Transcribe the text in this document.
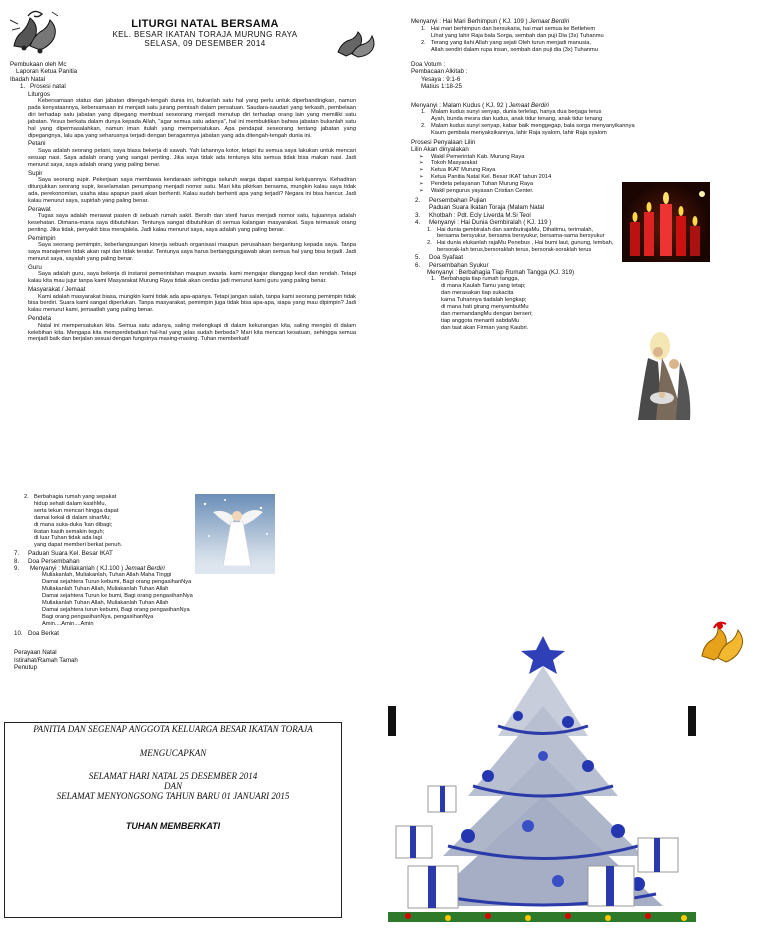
LITURGI NATAL BERSAMA
KEL. BESAR IKATAN TORAJA MURUNG RAYA
SELASA, 09 DESEMBER 2014
Pembukaan oleh Mc
Laporan Ketua Panitia
Ibadah Natal
1. Prosesi natal
Liturgos
Kebersamaan status dan jabatan ditengah-tengah dunia ini, bukanlah satu hal yang perlu untuk diperbandingkan, namun pada kenyataannya, kebersamaan ini menjadi satu jurang pemisah dalam persatuan. Saudara-saudari yang terkasih, pembelaan diri terhadap satu jabatan yang dipegang membuat seseorang menjadi menutup diri terhadap orang lain yang memiliki satu jabatan. Yesus berkata dalam dunya kepada Allah, "agar semua satu adanya", hal ini membuktikan bahwa jabatan bukanlah satu hal yang dipermasalahkan, namun iman itulah yang mempersatukan. Apa pendapat seseorang tentang jabatan yang dipegangnya, lalu apa yang seharusnya terjadi dengan beragamnya jabatan yang ada ditengah-tengah dunia ini.
Petani
Saya adalah seorang petani, saya biasa bekerja di sawah. Yah lahannya kotor, tetapi itu semua saya lakukan untuk mencari sesuap nasi. Saya adalah orang yang sangat penting. Jika saya tidak ada tentunya kita semua tidak bisa makan nasi. Jadi menurut saya, saya adalah orang yang paling benar.
Supir
Saya seorang supir. Pekerjaan saya membawa kendaraan sehingga seluruh warga dapat sampai ketujuannya. Kehadiran ditunjukkan seorang supir, keselamatan penumpang menjadi nomor satu. Mari kita pikirkan bersama, mungkin kalau saya tidak ada, perekonomian, usaha atau apapun pasti akan berhenti. Kalau sudah berhenti apa yang terjadi? Negara ini bisa hancur. Jadi kalau menurut saya, supirlah yang paling benar.
Perawat
Tugas saya adalah merawat pasien di sebuah rumah sakit. Bersih dan steril harus menjadi nomor satu, tujuannya adalah kesehatan. Dimana-mana saya dibutuhkan. Tentunya sangat dibutuhkan di semua kalangan masyarakat. Saya termasuk orang penting. Jika tidak, penyakit bisa merajalela. Jadi kalau menurut saya, saya adalah yang paling benar.
Pemimpin
Saya seorang pemimpin, keberlangsungan kinerja sebuah organisasi maupun perusahaan bergantung kepada saya. Tanpa saya manajemen tidak akan rapi dan tidak teratur. Tentunya saya harus bertanggungjawab akan semua hal yang bisa terjadi. Jadi menurut saya, sayalah yang paling benar.
Guru
Saya adalah guru, saya bekerja di instansi pemerintahan maupun swasta. kami mengajar dianggap kecil dan rendah. Tetapi kalau kita mau jujur tanpa kami Masyarakat Murung Raya tidak akan cerdas jadi menurut kami guru yang paling benar.
Masyarakat / Jemaat
Kami adalah masyarakat biasa, mungkin kami tidak ada apa-apanya. Tetapi jangan salah, tanpa kami seorang pemimpin tidak bisa berdiri. Suara kami sangat diperlukan. Tanpa masyarakat, pemimpin juga tidak bisa apa-apa, siapa yang mau dipimpin? Jadi kalau menurut kami, jemaatlah yang paling benar.
Pendeta
Natal ini mempersatukan kita. Semua satu adanya, saling melengkapi di dalam kekurangan kita, saling mengisi di dalam kelebihan kita. Mengapa kita memperdebatkan hal-hal yang jelas sudah berbeda? Mari kita mencari kesatuan, sehingga semua menjadi baik dan berjalan sesuai dengan fungsinya masing-masing. Tuhan memberkati!
Menyanyi : Hai Mari Berhimpun ( KJ. 109 ) Jemaat Berdiri
1. Hai mari berhimpun dan bersukaria, hai mari semua ke Betlehem
Lihat yang lahir Raja bala Sorga, sembah dan puji Dia (3x) Tuhanmu
2. Terang yang ilahi Allah yang sejati Oleh turun menjadi manusia,
Allah sendiri dalam rupa insan, sembah dan puji dia (3x) Tuhanmu
Doa Votum :
Pembacaan Alkitab :
Yesaya : 9:1-6
Matius 1:18-25
Menyanyi : Malam Kudus ( KJ. 92 ) Jemaat Berdiri
1. Malam kudus sunyi senyap, dunia terlelap, hanya dua berjaga terus
Ayah, bunda mesra dan kudus, anak tidur tenang, anak tidur tenang
2. Malam kudus sunyi senyap, kabar baik menggegap, bala sorga menyanyikannya
Kaum gembala menyaksikannya, lahir Raja syalom, lahir Raja syalom
Prosesi Penyalaan Lilin
Lilin Akan dinyalakan
➢	Wakil Pemerintah Kab. Murung Raya
➢	Tokoh Masyarakat
➢	Ketua IKAT Murung Raya
➢	Ketua Panitia Natal Kel. Besar IKAT tahun 2014
➢	Pendeta pelayanan Tuhan Murung Raya
➢	Wakil pengurus yayasan Cristian Center.
2.	Persembahan Pujian
Paduan Suara Ikatan Toraja (Malam Natal
3.	Khotbah : Pdt. Ecly Liverda M.Si Teol
4.	Menyanyi : Hai Dunia Gembiralah ( KJ. 119 )
1. Hai dunia gembiralah dan sambutrajaMu, Dihatimu, terimalah,
bersama bersyukur, bersama bersyukur, bersama-sama bersyukur
2. Hai dunia elukanlah rajaMu Penebus , Hai bumi laut, gunung, lembah,
bersorak-lah terus,bersoraklah terus, bersorak-soraklah terus
5.	Doa Syafaat
6.	Persembahan Syukur
Menyanyi : Berbahagia Tiap Rumah Tangga (KJ. 319)
1. Berbahagia tiap rumah tangga,
di mana Kaulah Tamu yang tetap;
dan merasakan tiap sukacita
karna Tuhannya tiadalah lengkap;
di mana hati girang menyambutMu
dan memandangMu dengan berseri;
tiap anggota menanti sabdaMu
dan taat akan Firman yang Kaubri.
2. Berbahagia rumah yang sepakat
hidup sehati dalam kasihMu,
serta tekun mencari hingga dapat
damai kekal di dalam sinarMu;
di mana suka-duka 'kan dibagi;
ikatan kasih semakin teguh;
di luar Tuhan tidak ada lagi
yang dapat memberi berkat penuh.
7.	Paduan Suara Kel. Besar IKAT
8.	Doa Persembahan
9.	Menyanyi : Muliakanlah ( KJ.100 ) Jemaat Berdiri
Muliakanlah, Muliakanlah, Tuhan Allah Maha Tinggi
Damai sejahtera Turun kebumi, Bagi orang pengasihanNya
Muliakanlah Tuhan Allah, Muliakanlah Tuhan Allah
Damai sejahtera Turun ke bumi, Bagi orang pengasihanNya
Muliakanlah Tuhan Allah, Muliakanlah Tuhan Allah
Damai sejahtera turun kebumi, Bagi orang pengasihanNya
Bagi orang pengasihanNya, pengasihanNya
Amin....Amin....Amin
10. Doa Berkat
Perayaan Natal
Istirahat/Ramah Tamah
Penutup
PANITIA DAN SEGENAP ANGGOTA KELUARGA BESAR IKATAN TORAJA
MENGUCAPKAN
SELAMAT HARI NATAL 25 DESEMBER 2014
DAN
SELAMAT MENYONGSONG TAHUN BARU 01 JANUARI 2015
TUHAN MEMBERKATI
